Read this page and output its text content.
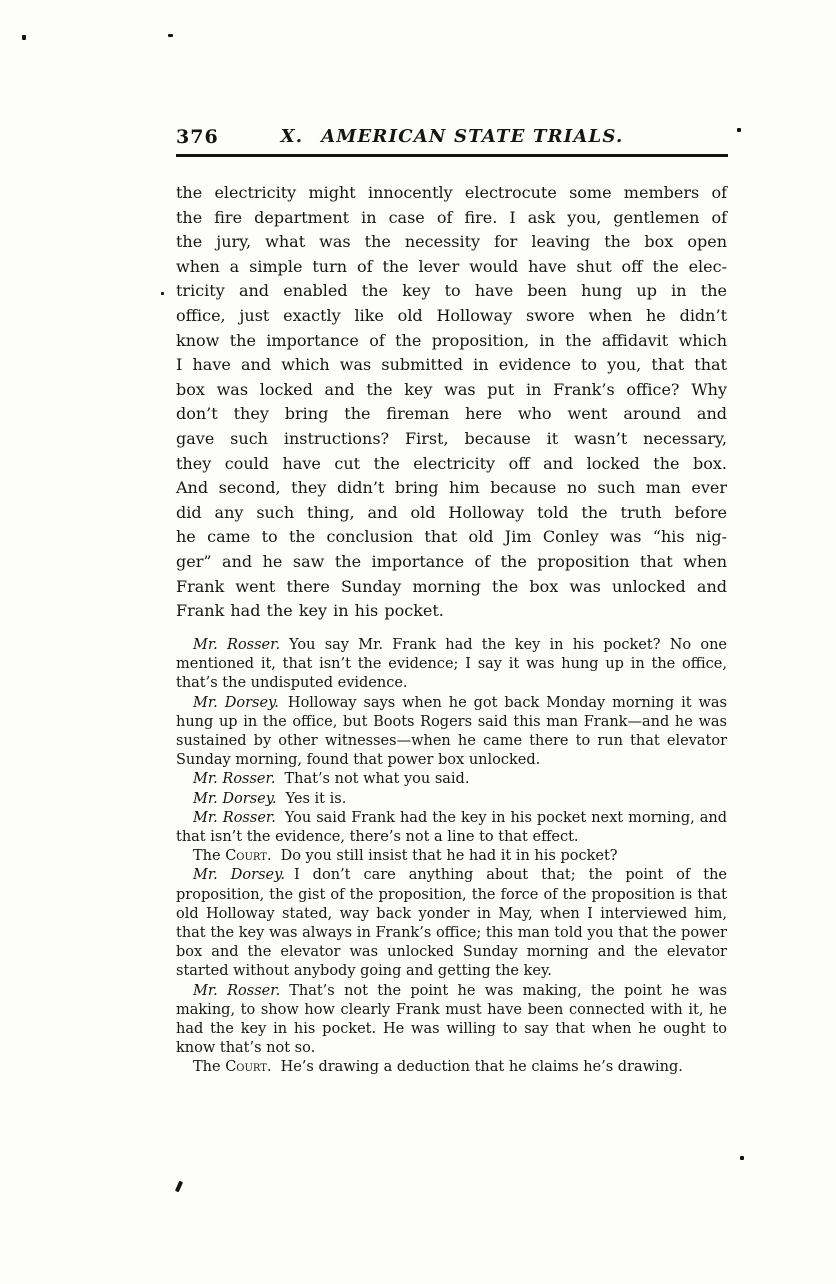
376	X. AMERICAN STATE TRIALS.
the electricity might innocently electrocute some members of
the fire department in case of fire. I ask you, gentlemen of
the jury, what was the necessity for leaving the box open
when a simple turn of the lever would have shut off the elec-
tricity and enabled the key to have been hung up in the
office, just exactly like old Holloway swore when he didn’t
know the importance of the proposition, in the affidavit which
I have and which was submitted in evidence to you, that that
box was locked and the key was put in Frank’s office? Why
don’t they bring the fireman here who went around and
gave such instructions? First, because it wasn’t necessary,
they could have cut the electricity off and locked the box.
And second, they didn’t bring him because no such man ever
did any such thing, and old Holloway told the truth before
he came to the conclusion that old Jim Conley was “his nig-
ger” and he saw the importance of the proposition that when
Frank went there Sunday morning the box was unlocked and
Frank had the key in his pocket.

Mr. Rosser. You say Mr. Frank had the key in his pocket? No one mentioned it, that isn’t the evidence; I say it was hung up in the office, that’s the undisputed evidence.

Mr. Dorsey. Holloway says when he got back Monday morning it was hung up in the office, but Boots Rogers said this man Frank—and he was sustained by other witnesses—when he came there to run that elevator Sunday morning, found that power box unlocked.

Mr. Rosser. That’s not what you said.

Mr. Dorsey. Yes it is.

Mr. Rosser. You said Frank had the key in his pocket next morning, and that isn’t the evidence, there’s not a line to that effect.

The Court. Do you still insist that he had it in his pocket?

Mr. Dorsey. I don’t care anything about that; the point of the proposition, the gist of the proposition, the force of the proposition is that old Holloway stated, way back yonder in May, when I interviewed him, that the key was always in Frank’s office; this man told you that the power box and the elevator was unlocked Sunday morning and the elevator started without anybody going and getting the key.

Mr. Rosser. That’s not the point he was making, the point he was making, to show how clearly Frank must have been connected with it, he had the key in his pocket. He was willing to say that when he ought to know that’s not so.

The Court. He’s drawing a deduction that he claims he’s drawing.
